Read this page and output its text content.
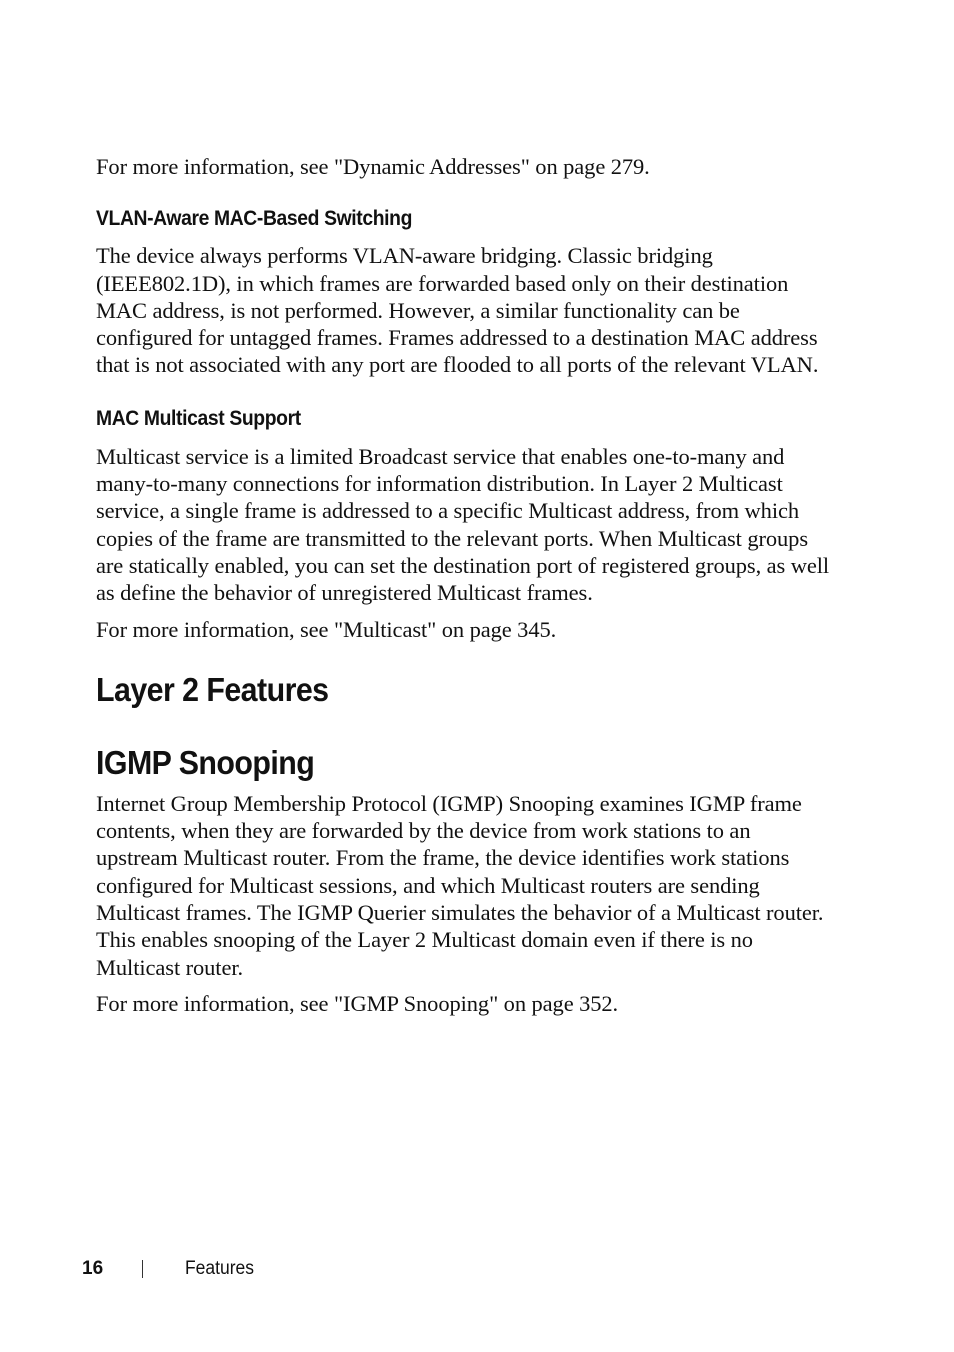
For more information, see "Dynamic Addresses" on page 279.

VLAN-Aware MAC-Based Switching

The device always performs VLAN-aware bridging. Classic bridging (IEEE802.1D), in which frames are forwarded based only on their destination MAC address, is not performed. However, a similar functionality can be configured for untagged frames. Frames addressed to a destination MAC address that is not associated with any port are flooded to all ports of the relevant VLAN.

MAC Multicast Support

Multicast service is a limited Broadcast service that enables one-to-many and many-to-many connections for information distribution. In Layer 2 Multicast service, a single frame is addressed to a specific Multicast address, from which copies of the frame are transmitted to the relevant ports. When Multicast groups are statically enabled, you can set the destination port of registered groups, as well as define the behavior of unregistered Multicast frames.

For more information, see "Multicast" on page 345.

Layer 2 Features
IGMP Snooping

Internet Group Membership Protocol (IGMP) Snooping examines IGMP frame contents, when they are forwarded by the device from work stations to an upstream Multicast router. From the frame, the device identifies work stations configured for Multicast sessions, and which Multicast routers are sending Multicast frames. The IGMP Querier simulates the behavior of a Multicast router. This enables snooping of the Layer 2 Multicast domain even if there is no Multicast router.

For more information, see "IGMP Snooping" on page 352.

16	Features
